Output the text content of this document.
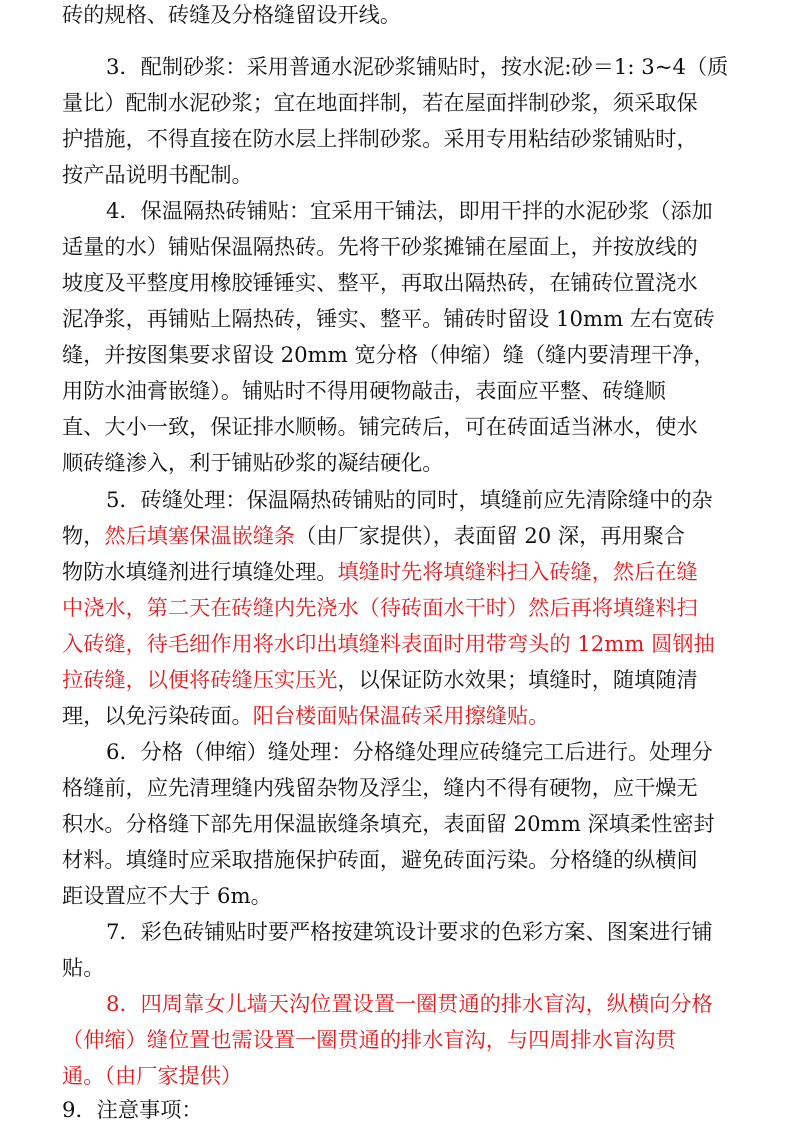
砖的规格、砖缝及分格缝留设开线。
3．配制砂浆：采用普通水泥砂浆铺贴时，按水泥:砂＝1: 3~4（质
量比）配制水泥砂浆；宜在地面拌制，若在屋面拌制砂浆，须采取保
护措施，不得直接在防水层上拌制砂浆。采用专用粘结砂浆铺贴时，
按产品说明书配制。
4．保温隔热砖铺贴：宜采用干铺法，即用干拌的水泥砂浆（添加
适量的水）铺贴保温隔热砖。先将干砂浆摊铺在屋面上，并按放线的
坡度及平整度用橡胶锤锤实、整平，再取出隔热砖，在铺砖位置浇水
泥净浆，再铺贴上隔热砖，锤实、整平。铺砖时留设 10mm 左右宽砖
缝，并按图集要求留设 20mm 宽分格（伸缩）缝（缝内要清理干净，
用防水油膏嵌缝）。铺贴时不得用硬物敲击，表面应平整、砖缝顺
直、大小一致，保证排水顺畅。铺完砖后，可在砖面适当淋水，使水
顺砖缝渗入，利于铺贴砂浆的凝结硬化。
5．砖缝处理：保温隔热砖铺贴的同时，填缝前应先清除缝中的杂
物，然后填塞保温嵌缝条（由厂家提供），表面留 20 深，再用聚合
物防水填缝剂进行填缝处理。填缝时先将填缝料扫入砖缝，然后在缝
中浇水，第二天在砖缝内先浇水（待砖面水干时）然后再将填缝料扫
入砖缝，待毛细作用将水印出填缝料表面时用带弯头的 12mm 圆钢抽
拉砖缝，以便将砖缝压实压光，以保证防水效果；填缝时，随填随清
理，以免污染砖面。阳台楼面贴保温砖采用擦缝贴。
6．分格（伸缩）缝处理：分格缝处理应砖缝完工后进行。处理分
格缝前，应先清理缝内残留杂物及浮尘，缝内不得有硬物，应干燥无
积水。分格缝下部先用保温嵌缝条填充，表面留 20mm 深填柔性密封
材料。填缝时应采取措施保护砖面，避免砖面污染。分格缝的纵横间
距设置应不大于 6m。
7．彩色砖铺贴时要严格按建筑设计要求的色彩方案、图案进行铺
贴。
8．四周靠女儿墙天沟位置设置一圈贯通的排水盲沟，纵横向分格
（伸缩）缝位置也需设置一圈贯通的排水盲沟，与四周排水盲沟贯
通。（由厂家提供）
9．注意事项：
